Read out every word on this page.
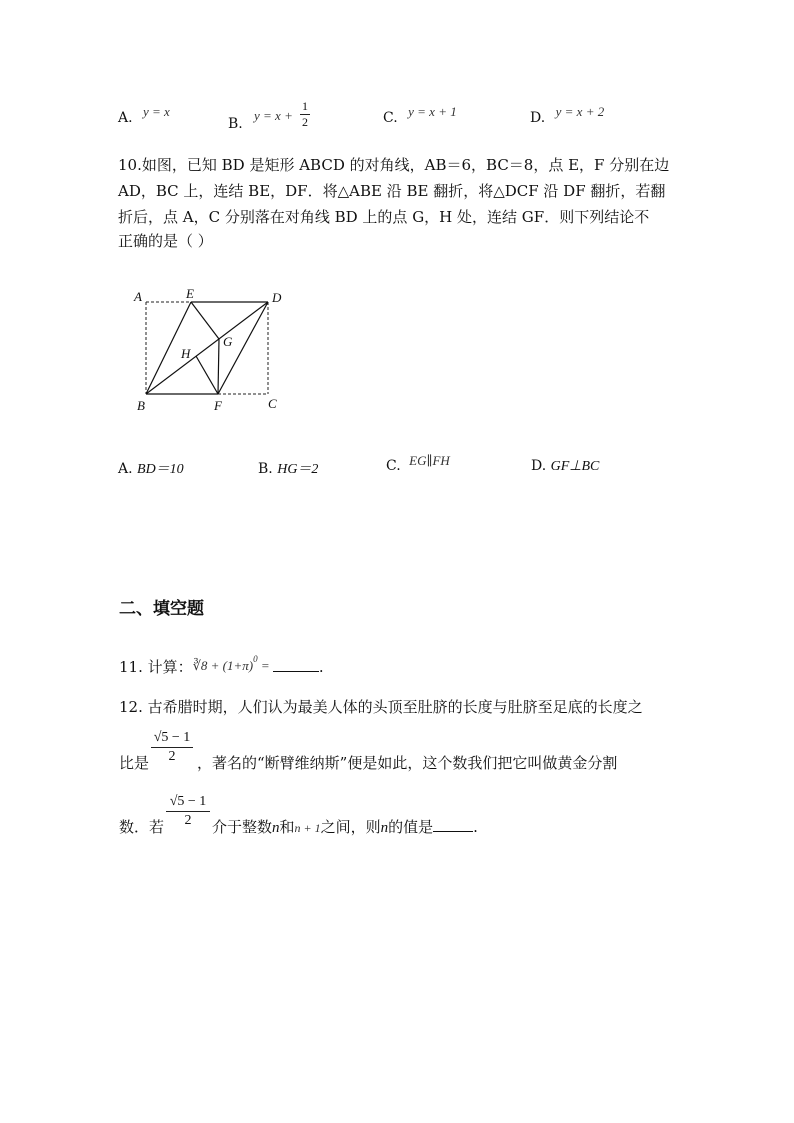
A. y = x
B.
y = x +
1
2	C. y = x + 1	D. y = x + 2
10.如图，已知 BD 是矩形 ABCD 的对角线，AB＝6，BC＝8，点 E，F 分别在边
AD，BC 上，连结 BE，DF．将△ABE 沿 BE 翻折，将△DCF 沿 DF 翻折，若翻
折后，点 A，C 分别落在对角线 BD 上的点 G，H 处，连结 GF．则下列结论不
正确的是（ ）
A	E	D
H
G
B	F	C
A. BD＝10	B. HG＝2	C. EG∥FH	D. GF⊥BC
二、填空题
11. 计算：∛8 + $(1+\pi)^0$ =	.
12. 古希腊时期，人们认为最美人体的头顶至肚脐的长度与肚脐至足底的长度之
比是
√5 − 1
2	，著名的“断臂维纳斯”便是如此，这个数我们把它叫做黄金分割
数．若
√5 − 1
2	介于整数n和n + 1之间，则n的值是	.
